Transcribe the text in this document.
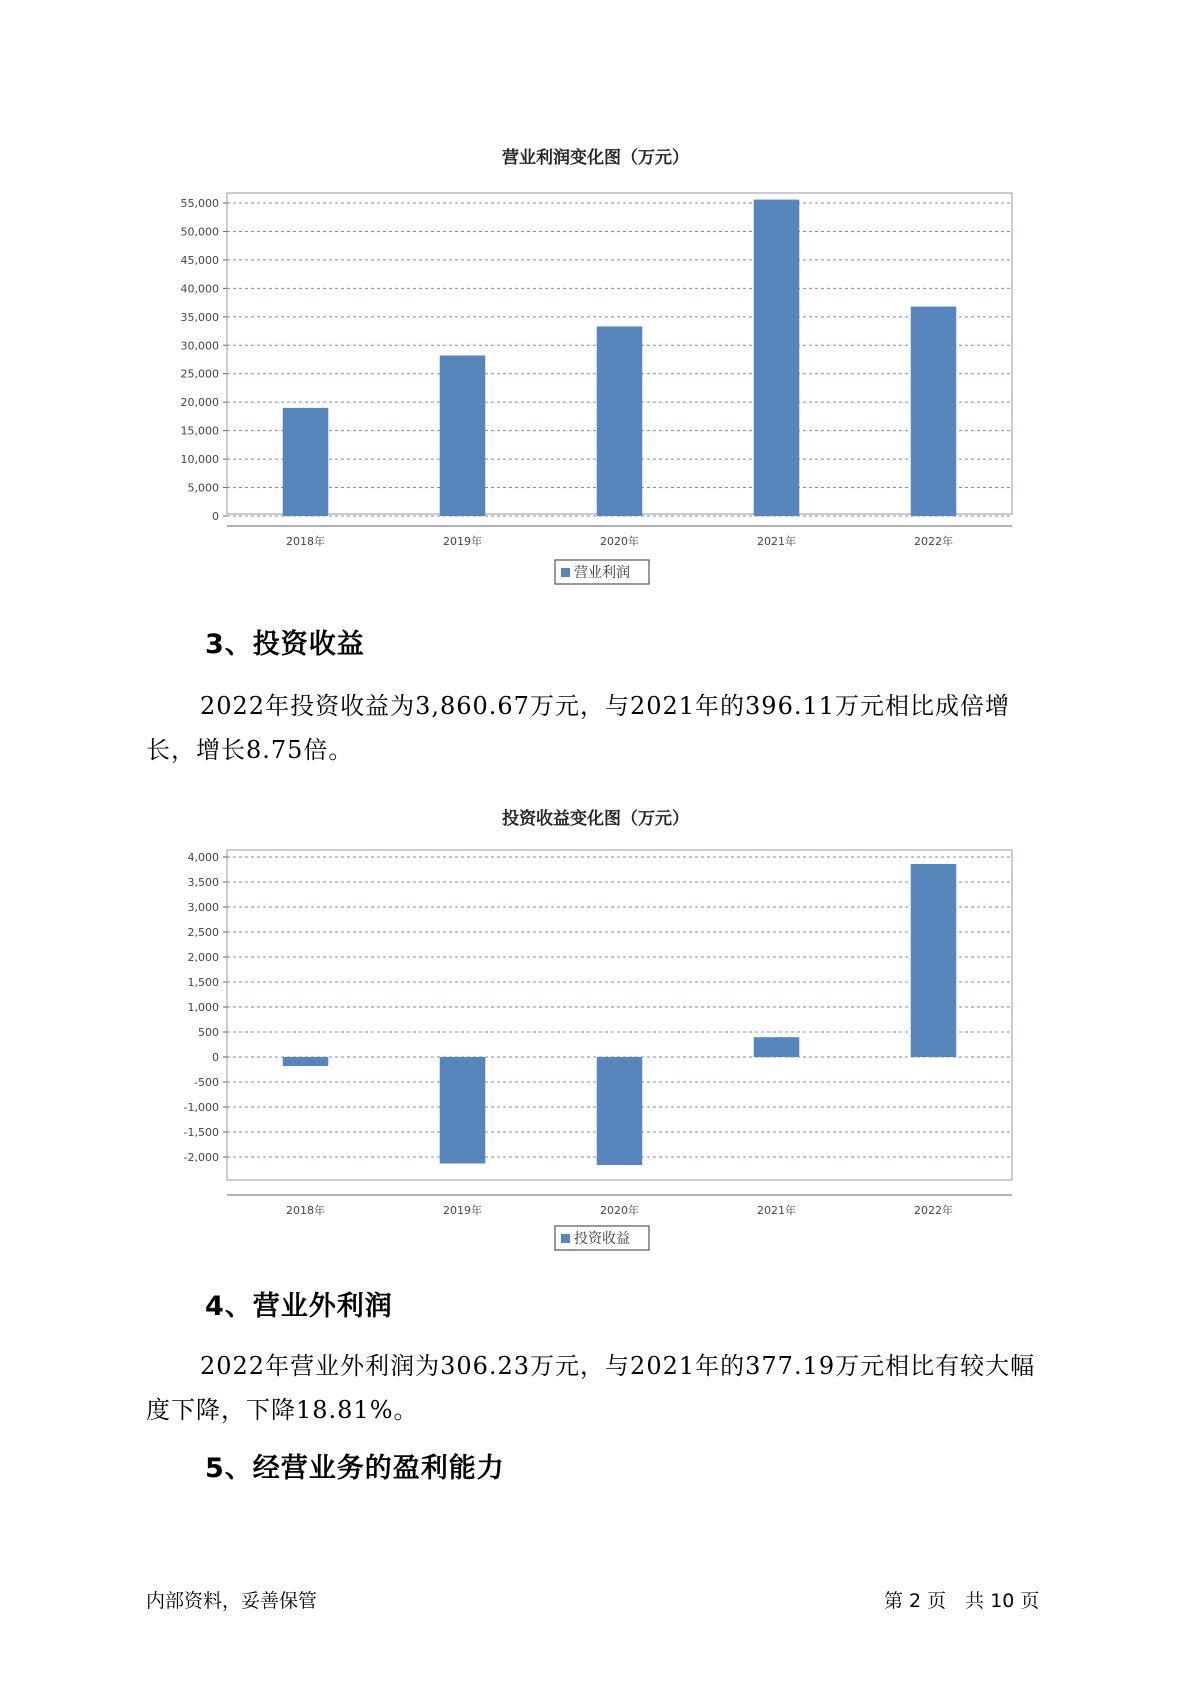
营业利润变化图（万元）
0
5,000
10,000
15,000
20,000
25,000
30,000
35,000
40,000
45,000
50,000
55,000
2018年	2019年	2020年	2021年	2022年
营业利润
3、投资收益
2022年投资收益为3,860.67万元，与2021年的396.11万元相比成倍增长，增长8.75倍。
投资收益变化图（万元）
-2,000
-1,500
-1,000
-500
0
500
1,000
1,500
2,000
2,500
3,000
3,500
4,000
2018年	2019年	2020年	2021年	2022年
投资收益
4、营业外利润
2022年营业外利润为306.23万元，与2021年的377.19万元相比有较大幅度下降，下降18.81%。
5、经营业务的盈利能力
内部资料，妥善保管	第 2 页　共 10 页
